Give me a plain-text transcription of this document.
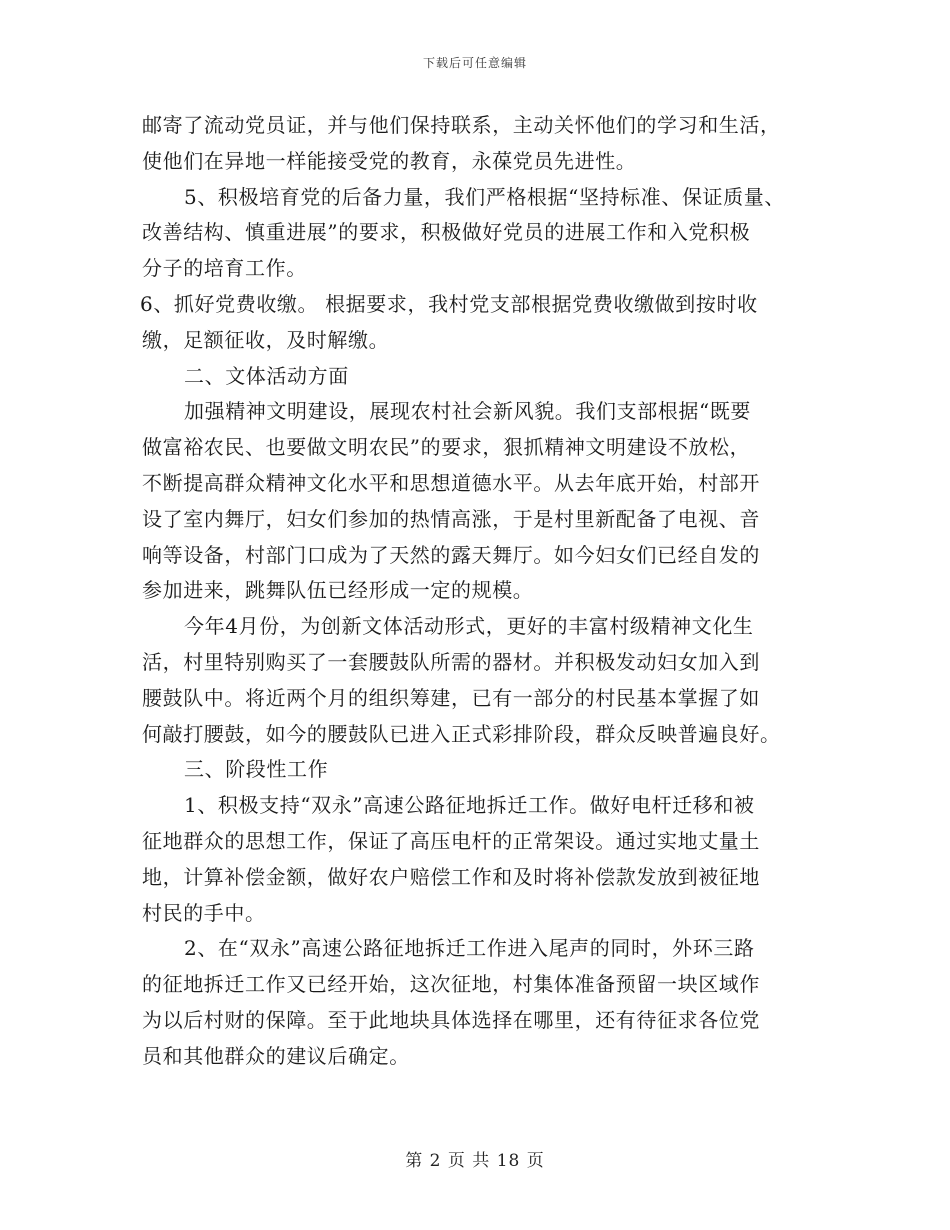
下载后可任意编辑
邮寄了流动党员证，并与他们保持联系，主动关怀他们的学习和生活，
使他们在异地一样能接受党的教育，永葆党员先进性。
5、积极培育党的后备力量，我们严格根据“坚持标准、保证质量、
改善结构、慎重进展”的要求，积极做好党员的进展工作和入党积极
分子的培育工作。
6、抓好党费收缴。 根据要求，我村党支部根据党费收缴做到按时收
缴，足额征收，及时解缴。
二、文体活动方面
加强精神文明建设，展现农村社会新风貌。我们支部根据“既要
做富裕农民、也要做文明农民”的要求，狠抓精神文明建设不放松，
不断提高群众精神文化水平和思想道德水平。从去年底开始，村部开
设了室内舞厅，妇女们参加的热情高涨，于是村里新配备了电视、音
响等设备，村部门口成为了天然的露天舞厅。如今妇女们已经自发的
参加进来，跳舞队伍已经形成一定的规模。
今年4月份，为创新文体活动形式，更好的丰富村级精神文化生
活，村里特别购买了一套腰鼓队所需的器材。并积极发动妇女加入到
腰鼓队中。将近两个月的组织筹建，已有一部分的村民基本掌握了如
何敲打腰鼓，如今的腰鼓队已进入正式彩排阶段，群众反映普遍良好。
三、阶段性工作
1、积极支持“双永”高速公路征地拆迁工作。做好电杆迁移和被
征地群众的思想工作，保证了高压电杆的正常架设。通过实地丈量土
地，计算补偿金额，做好农户赔偿工作和及时将补偿款发放到被征地
村民的手中。
2、在“双永”高速公路征地拆迁工作进入尾声的同时，外环三路
的征地拆迁工作又已经开始，这次征地，村集体准备预留一块区域作
为以后村财的保障。至于此地块具体选择在哪里，还有待征求各位党
员和其他群众的建议后确定。
第 2 页 共 18 页
